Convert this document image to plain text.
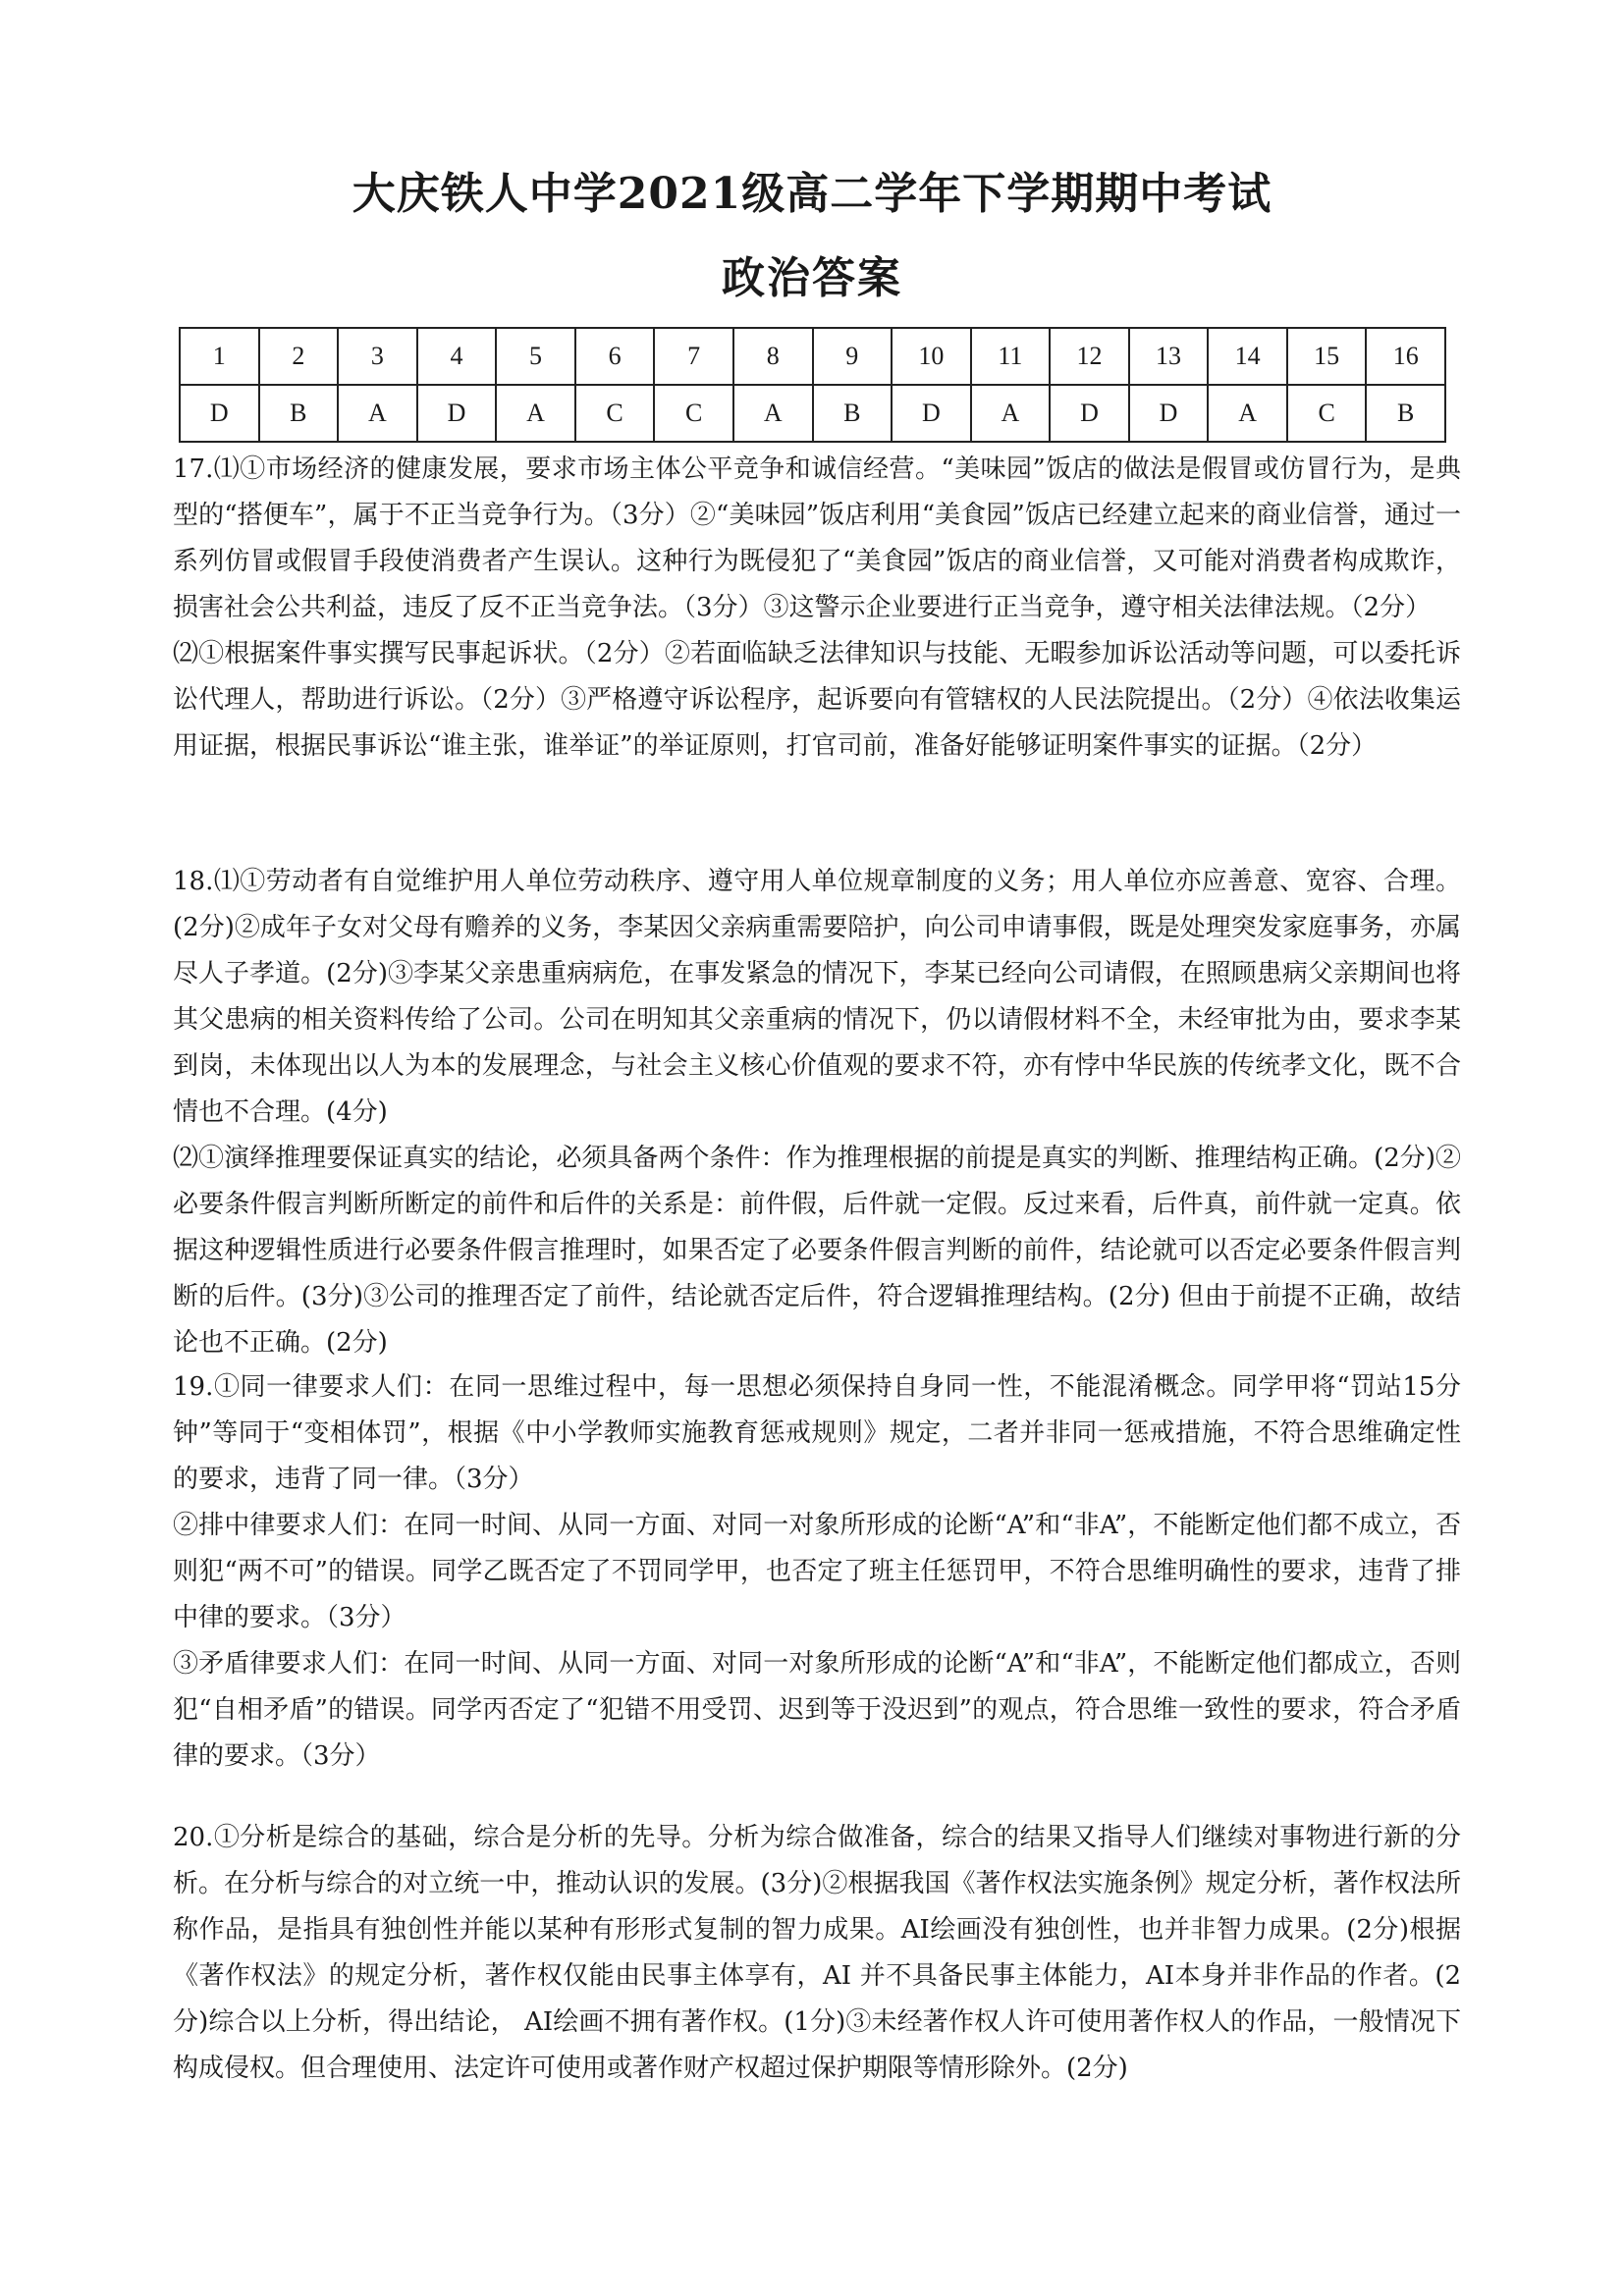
大庆铁人中学2021级高二学年下学期期中考试
政治答案
1	2	3	4	5	6	7	8	9	10	11	12	13	14	15	16
D	B	A	D	A	C	C	A	B	D	A	D	D	A	C	B

17.⑴①市场经济的健康发展，要求市场主体公平竞争和诚信经营。“美味园”饭店的做法是假冒或仿冒行为，是典型的“搭便车”，属于不正当竞争行为。（3分）②“美味园”饭店利用“美食园”饭店已经建立起来的商业信誉，通过一系列仿冒或假冒手段使消费者产生误认。这种行为既侵犯了“美食园”饭店的商业信誉，又可能对消费者构成欺诈，损害社会公共利益，违反了反不正当竞争法。（3分）③这警示企业要进行正当竞争，遵守相关法律法规。（2分）

⑵①根据案件事实撰写民事起诉状。（2分）②若面临缺乏法律知识与技能、无暇参加诉讼活动等问题，可以委托诉讼代理人，帮助进行诉讼。（2分）③严格遵守诉讼程序，起诉要向有管辖权的人民法院提出。（2分）④依法收集运用证据，根据民事诉讼“谁主张，谁举证”的举证原则，打官司前，准备好能够证明案件事实的证据。（2分）

18.⑴①劳动者有自觉维护用人单位劳动秩序、遵守用人单位规章制度的义务；用人单位亦应善意、宽容、合理。(2分)②成年子女对父母有赡养的义务，李某因父亲病重需要陪护，向公司申请事假，既是处理突发家庭事务，亦属尽人子孝道。(2分)③李某父亲患重病病危，在事发紧急的情况下，李某已经向公司请假，在照顾患病父亲期间也将其父患病的相关资料传给了公司。公司在明知其父亲重病的情况下，仍以请假材料不全，未经审批为由，要求李某到岗，未体现出以人为本的发展理念，与社会主义核心价值观的要求不符，亦有悖中华民族的传统孝文化，既不合情也不合理。(4分)

⑵①演绎推理要保证真实的结论，必须具备两个条件：作为推理根据的前提是真实的判断、推理结构正确。(2分)②必要条件假言判断所断定的前件和后件的关系是：前件假，后件就一定假。反过来看，后件真，前件就一定真。依据这种逻辑性质进行必要条件假言推理时，如果否定了必要条件假言判断的前件，结论就可以否定必要条件假言判断的后件。(3分)③公司的推理否定了前件，结论就否定后件，符合逻辑推理结构。(2分) 但由于前提不正确，故结论也不正确。(2分)

19.①同一律要求人们：在同一思维过程中，每一思想必须保持自身同一性，不能混淆概念。同学甲将“罚站15分钟”等同于“变相体罚”，根据《中小学教师实施教育惩戒规则》规定，二者并非同一惩戒措施，不符合思维确定性的要求，违背了同一律。（3分）

②排中律要求人们：在同一时间、从同一方面、对同一对象所形成的论断“A”和“非A”，不能断定他们都不成立，否则犯“两不可”的错误。同学乙既否定了不罚同学甲，也否定了班主任惩罚甲，不符合思维明确性的要求，违背了排中律的要求。（3分）

③矛盾律要求人们：在同一时间、从同一方面、对同一对象所形成的论断“A”和“非A”，不能断定他们都成立，否则犯“自相矛盾”的错误。同学丙否定了“犯错不用受罚、迟到等于没迟到”的观点，符合思维一致性的要求，符合矛盾律的要求。（3分）

20.①分析是综合的基础，综合是分析的先导。分析为综合做准备，综合的结果又指导人们继续对事物进行新的分析。在分析与综合的对立统一中，推动认识的发展。(3分)②根据我国《著作权法实施条例》规定分析，著作权法所称作品，是指具有独创性并能以某种有形形式复制的智力成果。AI绘画没有独创性，也并非智力成果。(2分)根据《著作权法》的规定分析，著作权仅能由民事主体享有，AI 并不具备民事主体能力，AI本身并非作品的作者。(2分)综合以上分析，得出结论， AI绘画不拥有著作权。(1分)③未经著作权人许可使用著作权人的作品，一般情况下构成侵权。但合理使用、法定许可使用或著作财产权超过保护期限等情形除外。(2分)
